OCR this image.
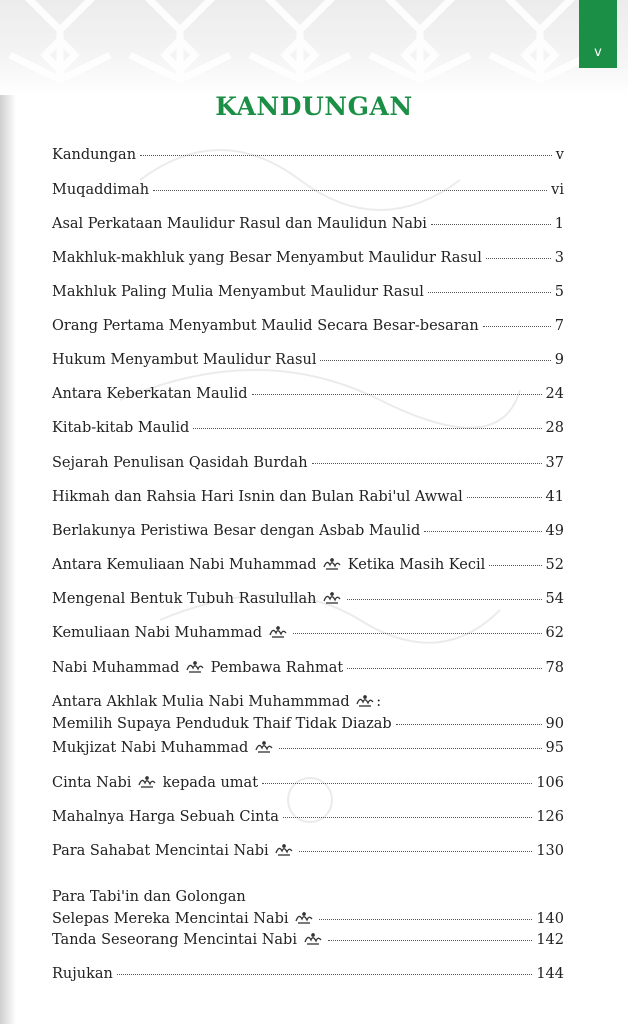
v
KANDUNGAN
Kandungan	v
Muqaddimah	vi
Asal Perkataan Maulidur Rasul dan Maulidun Nabi	1
Makhluk-makhluk yang Besar Menyambut Maulidur Rasul	3
Makhluk Paling Mulia Menyambut Maulidur Rasul	5
Orang Pertama Menyambut Maulid Secara Besar-besaran	7
Hukum Menyambut Maulidur Rasul	9
Antara Keberkatan Maulid	24
Kitab-kitab Maulid	28
Sejarah Penulisan Qasidah Burdah	37
Hikmah dan Rahsia Hari Isnin dan Bulan Rabi'ul Awwal	41
Berlakunya Peristiwa Besar dengan Asbab Maulid	49
Antara Kemuliaan Nabi Muhammad
Ketika Masih Kecil	52
Mengenal Bentuk Tubuh Rasulullah	54
Kemuliaan Nabi Muhammad	62
Nabi Muhammad
Pembawa Rahmat	78
Antara Akhlak Mulia Nabi Muhammmad
:
Memilih Supaya Penduduk Thaif Tidak Diazab	90
Mukjizat Nabi Muhammad	95
Cinta Nabi
kepada umat	106
Mahalnya Harga Sebuah Cinta	126
Para Sahabat Mencintai Nabi	130
Para Tabi'in dan Golongan
Selepas Mereka Mencintai Nabi	140
Tanda Seseorang Mencintai Nabi	142
Rujukan	144
